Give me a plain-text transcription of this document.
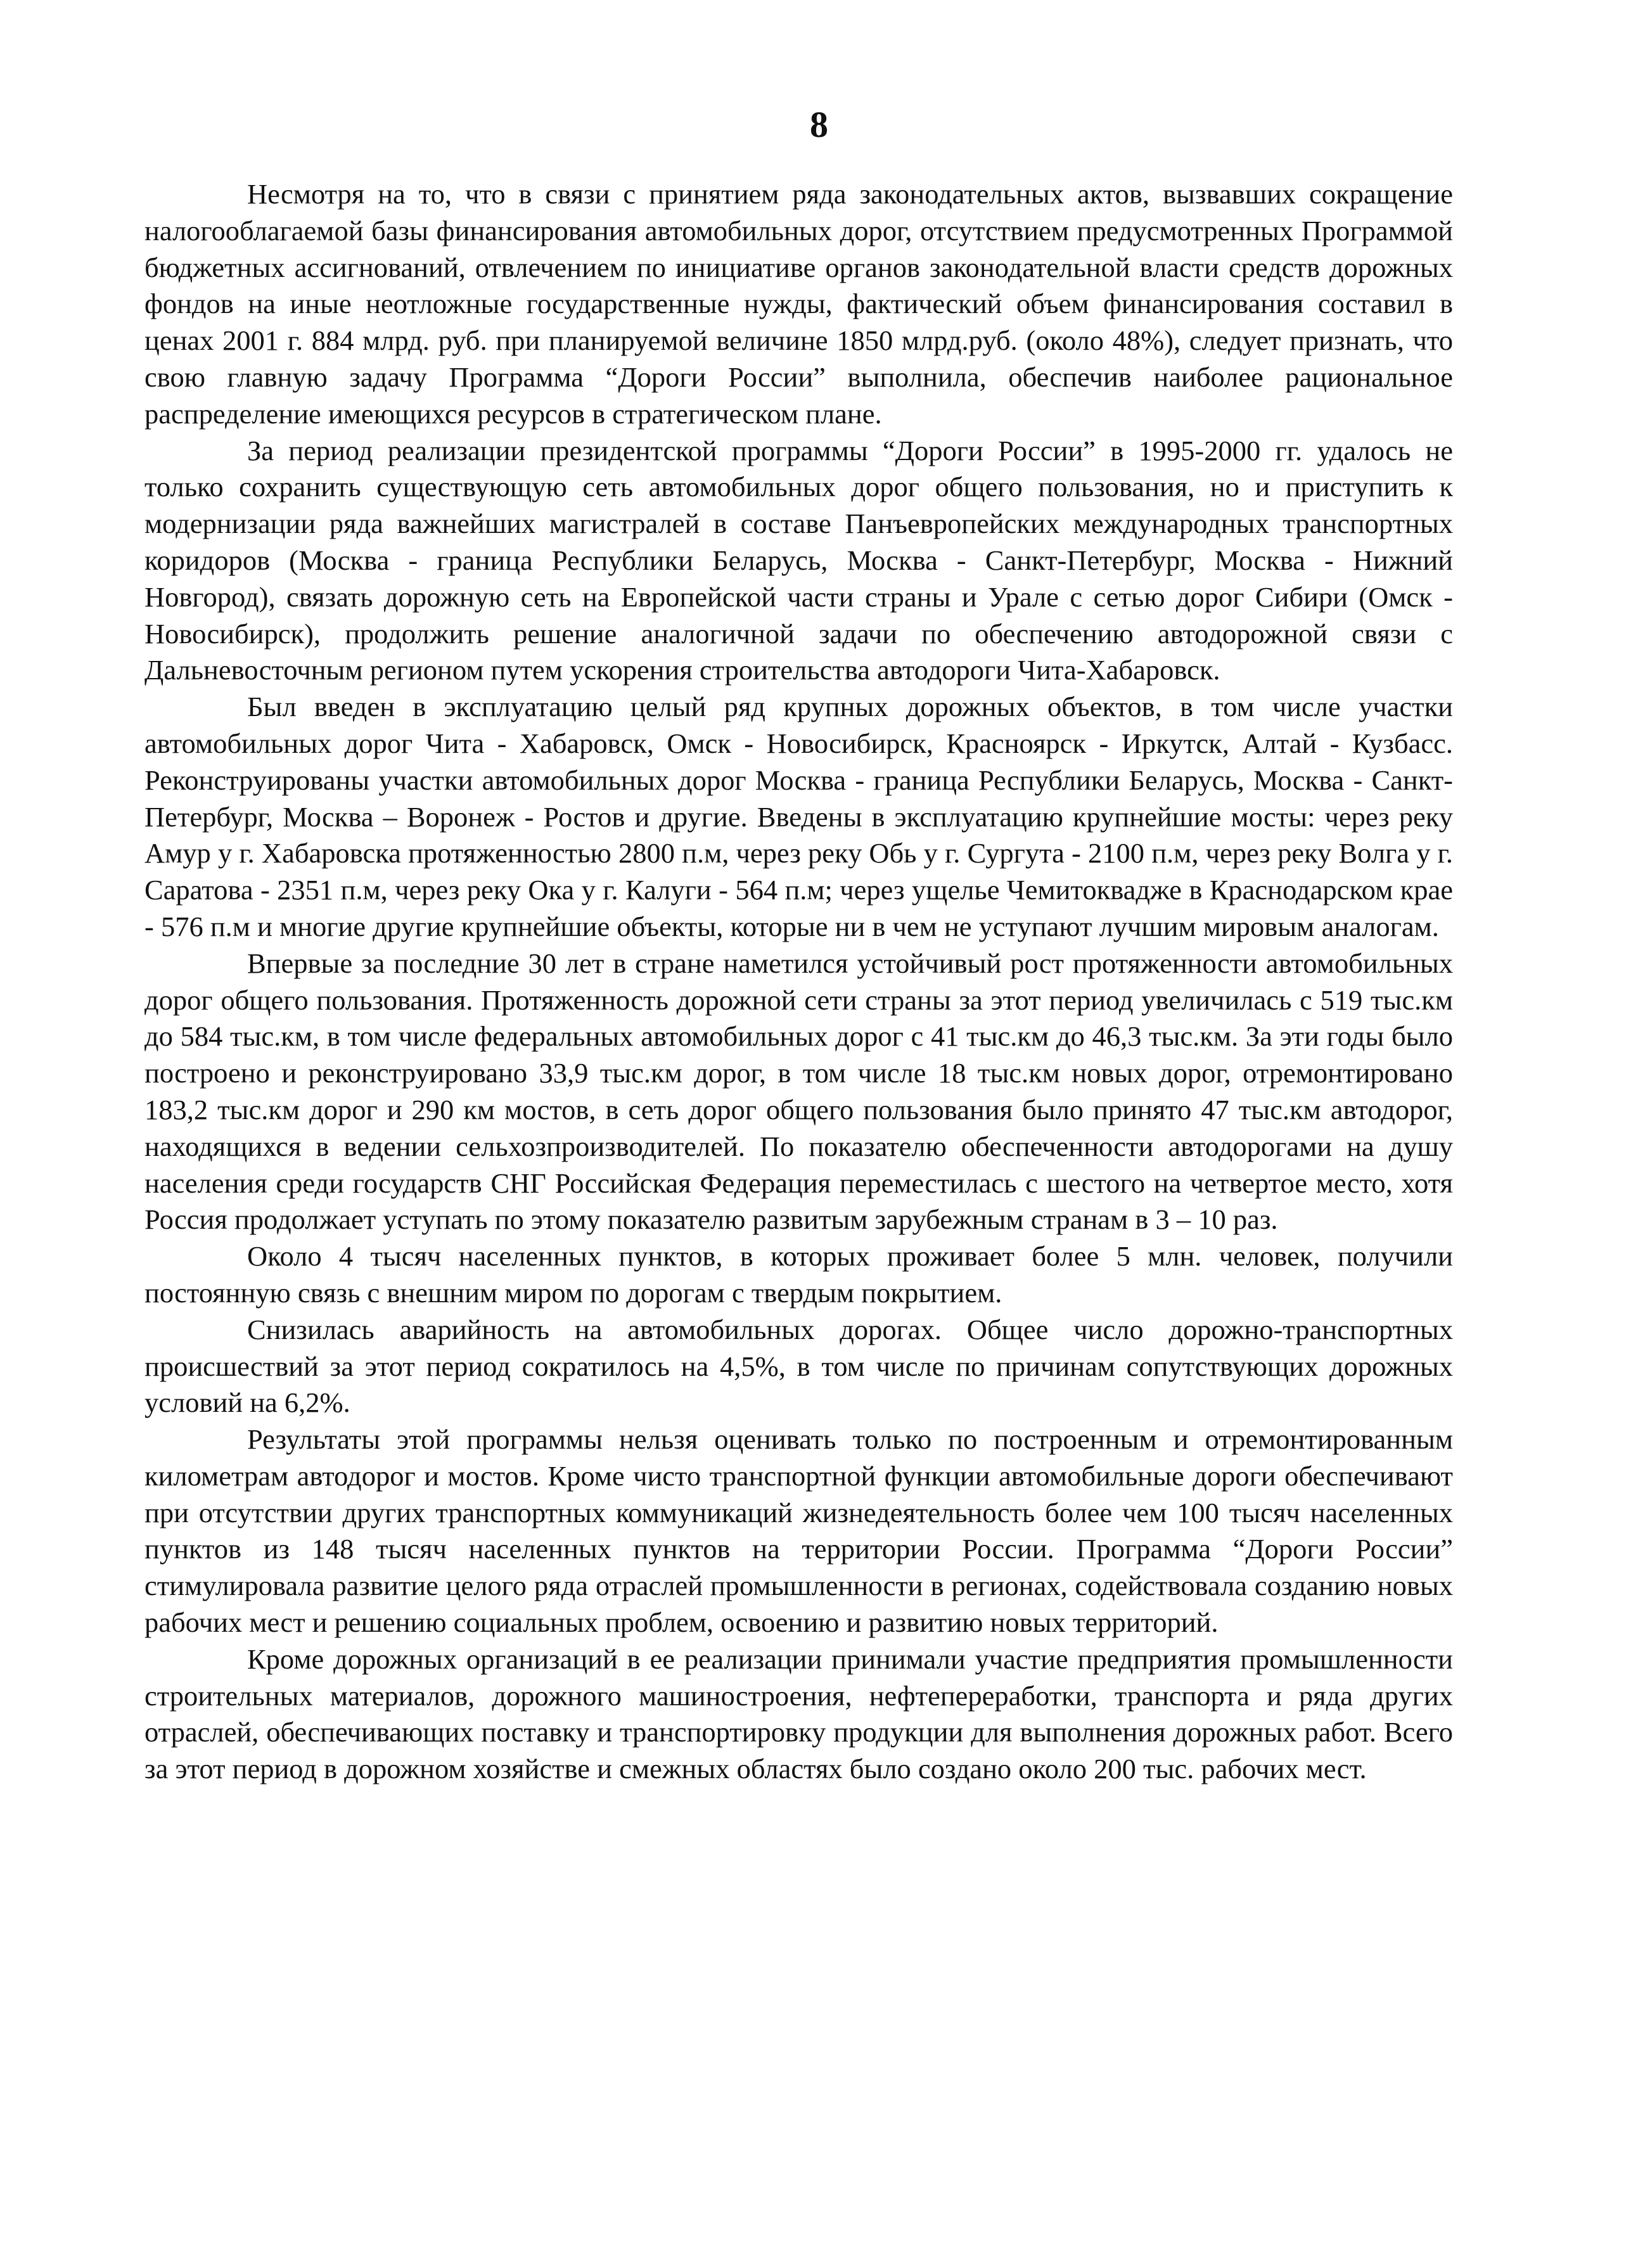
8

Несмотря на то, что в связи с принятием ряда законодательных актов, вызвавших сокращение налогооблагаемой базы финансирования автомобильных дорог, отсутствием предусмотренных Программой бюджетных ассигнований, отвлечением по инициативе органов законодательной власти средств дорожных фондов на иные неотложные государственные нужды, фактический объем финансирования составил в ценах 2001 г. 884 млрд. руб. при планируемой величине 1850 млрд.руб. (около 48%), следует признать, что свою главную задачу Программа “Дороги России” выполнила, обеспечив наиболее рациональное распределение имеющихся ресурсов в стратегическом плане.

За период реализации президентской программы “Дороги России” в 1995-2000 гг. удалось не только сохранить существующую сеть автомобильных дорог общего пользования, но и приступить к модернизации ряда важнейших магистралей в составе Панъевропейских международных транспортных коридоров (Москва - граница Республики Беларусь, Москва - Санкт-Петербург, Москва - Нижний Новгород), связать дорожную сеть на Европейской части страны и Урале с сетью дорог Сибири (Омск - Новосибирск), продолжить решение аналогичной задачи по обеспечению автодорожной связи с Дальневосточным регионом путем ускорения строительства автодороги Чита-Хабаровск.

Был введен в эксплуатацию целый ряд крупных дорожных объектов, в том числе участки автомобильных дорог Чита - Хабаровск, Омск - Новосибирск, Красноярск - Иркутск, Алтай - Кузбасс. Реконструированы участки автомобильных дорог Москва - граница Республики Беларусь, Москва - Санкт-Петербург, Москва – Воронеж - Ростов и другие. Введены в эксплуатацию крупнейшие мосты: через реку Амур у г. Хабаровска протяженностью 2800 п.м, через реку Обь у г. Сургута - 2100 п.м, через реку Волга у г. Саратова - 2351 п.м, через реку Ока у г. Калуги - 564 п.м; через ущелье Чемитоквадже в Краснодарском крае - 576 п.м и многие другие крупнейшие объекты, которые ни в чем не уступают лучшим мировым аналогам.

Впервые за последние 30 лет в стране наметился устойчивый рост протяженности автомобильных дорог общего пользования. Протяженность дорожной сети страны за этот период увеличилась с 519 тыс.км до 584 тыс.км, в том числе федеральных автомобильных дорог с 41 тыс.км до 46,3 тыс.км. За эти годы было построено и реконструировано 33,9 тыс.км дорог, в том числе 18 тыс.км новых дорог, отремонтировано 183,2 тыс.км дорог и 290 км мостов, в сеть дорог общего пользования было принято 47 тыс.км автодорог, находящихся в ведении сельхозпроизводителей. По показателю обеспеченности автодорогами на душу населения среди государств СНГ Российская Федерация переместилась с шестого на четвертое место, хотя Россия продолжает уступать по этому показателю развитым зарубежным странам в 3 – 10 раз.

Около 4 тысяч населенных пунктов, в которых проживает более 5 млн. человек, получили постоянную связь с внешним миром по дорогам с твердым покрытием.

Снизилась аварийность на автомобильных дорогах. Общее число дорожно-транспортных происшествий за этот период сократилось на 4,5%, в том числе по причинам сопутствующих дорожных условий на 6,2%.

Результаты этой программы нельзя оценивать только по построенным и отремонтированным километрам автодорог и мостов. Кроме чисто транспортной функции автомобильные дороги обеспечивают при отсутствии других транспортных коммуникаций жизнедеятельность более чем 100 тысяч населенных пунктов из 148 тысяч населенных пунктов на территории России. Программа “Дороги России” стимулировала развитие целого ряда отраслей промышленности в регионах, содействовала созданию новых рабочих мест и решению социальных проблем, освоению и развитию новых территорий.

Кроме дорожных организаций в ее реализации принимали участие предприятия промышленности строительных материалов, дорожного машиностроения, нефтепереработки, транспорта и ряда других отраслей, обеспечивающих поставку и транспортировку продукции для выполнения дорожных работ. Всего за этот период в дорожном хозяйстве и смежных областях было создано около 200 тыс. рабочих мест.
